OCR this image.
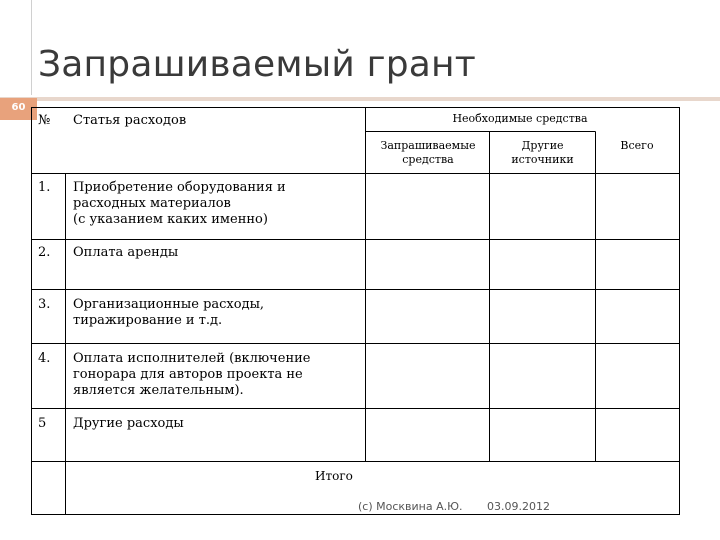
Запрашиваемый грант
60
№ Статья расходов	Необходимые средства
Запрашиваемые
средства
Другие
источники
Всего
1. Приобретение оборудования и
расходных материалов
(с указанием каких именно)
2. Оплата аренды
3. Организационные расходы,
тиражирование и т.д.
4. Оплата исполнителей (включение
гонорара для авторов проекта не
является желательным).
5 Другие расходы
Итого
(c) Москвина А.Ю. 03.09.2012
